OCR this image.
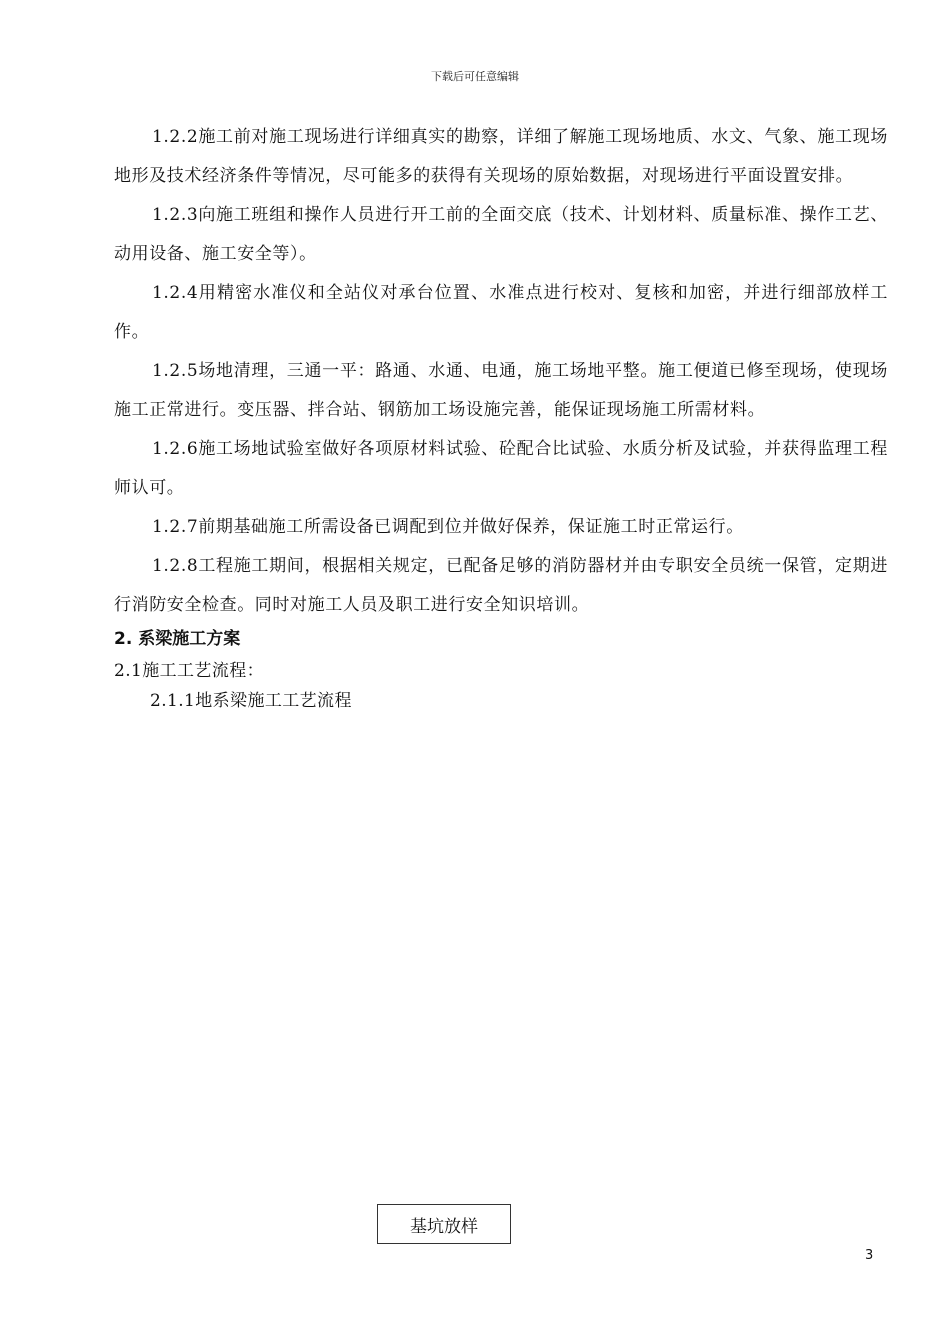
下载后可任意编辑

1.2.2施工前对施工现场进行详细真实的勘察，详细了解施工现场地质、水文、气象、施工现场地形及技术经济条件等情况，尽可能多的获得有关现场的原始数据，对现场进行平面设置安排。

1.2.3向施工班组和操作人员进行开工前的全面交底（技术、计划材料、质量标准、操作工艺、动用设备、施工安全等）。

1.2.4用精密水准仪和全站仪对承台位置、水准点进行校对、复核和加密，并进行细部放样工作。

1.2.5场地清理，三通一平：路通、水通、电通，施工场地平整。施工便道已修至现场，使现场施工正常进行。变压器、拌合站、钢筋加工场设施完善，能保证现场施工所需材料。

1.2.6施工场地试验室做好各项原材料试验、砼配合比试验、水质分析及试验，并获得监理工程师认可。

1.2.7前期基础施工所需设备已调配到位并做好保养，保证施工时正常运行。

1.2.8工程施工期间，根据相关规定，已配备足够的消防器材并由专职安全员统一保管，定期进行消防安全检查。同时对施工人员及职工进行安全知识培训。

2. 系梁施工方案

2.1施工工艺流程：

2.1.1地系梁施工工艺流程

基坑放样
3
